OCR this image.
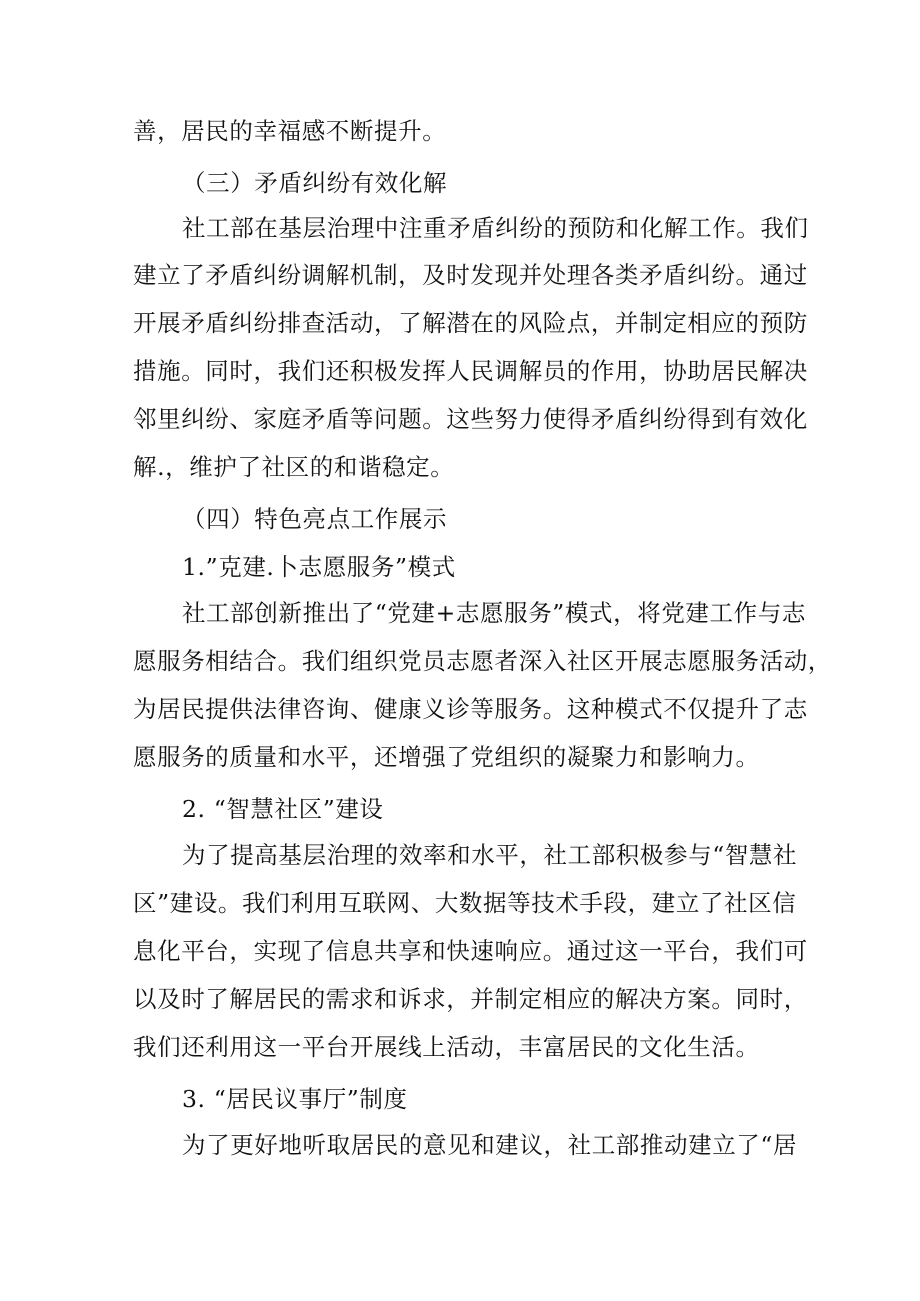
善，居民的幸福感不断提升。
（三）矛盾纠纷有效化解
社工部在基层治理中注重矛盾纠纷的预防和化解工作。我们
建立了矛盾纠纷调解机制，及时发现并处理各类矛盾纠纷。通过
开展矛盾纠纷排查活动，了解潜在的风险点，并制定相应的预防
措施。同时，我们还积极发挥人民调解员的作用，协助居民解决
邻里纠纷、家庭矛盾等问题。这些努力使得矛盾纠纷得到有效化
解.，维护了社区的和谐稳定。
（四）特色亮点工作展示
1.”克建.卜志愿服务”模式
社工部创新推出了“党建+志愿服务”模式，将党建工作与志
愿服务相结合。我们组织党员志愿者深入社区开展志愿服务活动，
为居民提供法律咨询、健康义诊等服务。这种模式不仅提升了志
愿服务的质量和水平，还增强了党组织的凝聚力和影响力。
2. “智慧社区”建设
为了提高基层治理的效率和水平，社工部积极参与“智慧社
区”建设。我们利用互联网、大数据等技术手段，建立了社区信
息化平台，实现了信息共享和快速响应。通过这一平台，我们可
以及时了解居民的需求和诉求，并制定相应的解决方案。同时，
我们还利用这一平台开展线上活动，丰富居民的文化生活。
3. “居民议事厅”制度
为了更好地听取居民的意见和建议，社工部推动建立了“居
